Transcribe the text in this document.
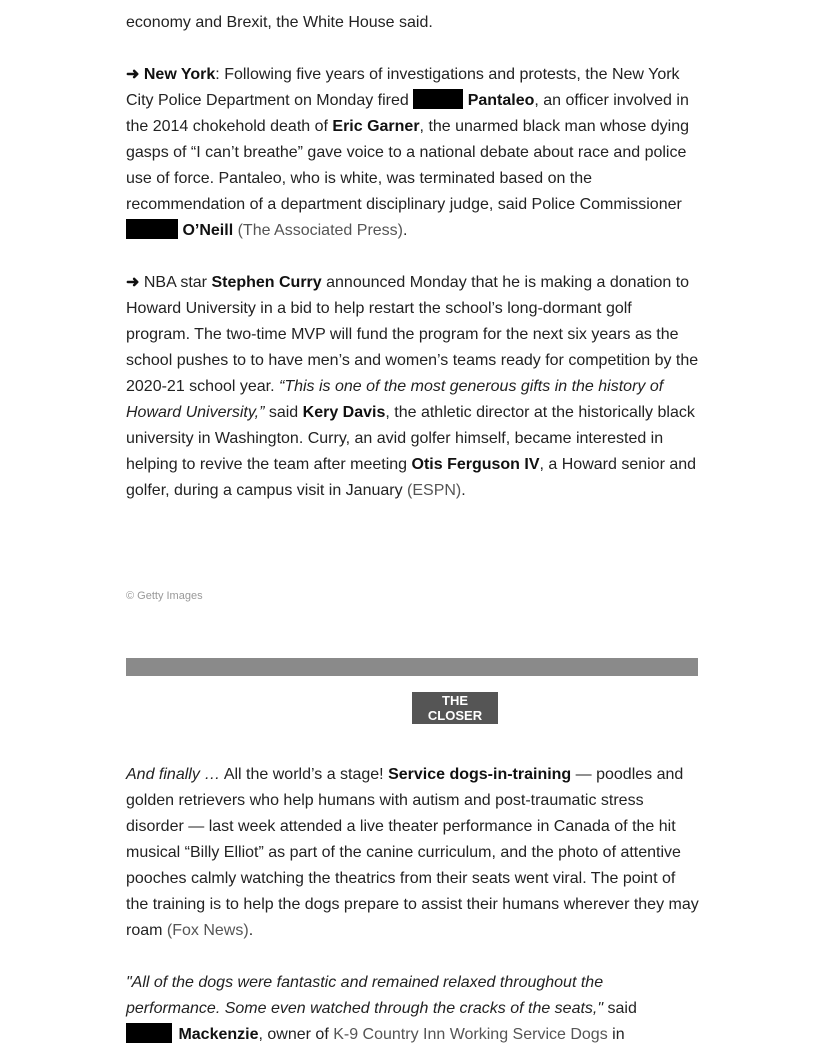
economy and Brexit, the White House said.

➜ New York: Following five years of investigations and protests, the New York City Police Department on Monday fired	Pantaleo, an officer involved in the 2014 chokehold death of Eric Garner, the unarmed black man whose dying gasps of “I can’t breathe” gave voice to a national debate about race and police use of force. Pantaleo, who is white, was terminated based on the recommendation of a department disciplinary judge, said Police Commissioner  O’Neill (The Associated Press).

➜ NBA star Stephen Curry announced Monday that he is making a donation to Howard University in a bid to help restart the school’s long-dormant golf program. The two-time MVP will fund the program for the next six years as the school pushes to to have men’s and women’s teams ready for competition by the 2020-21 school year. “This is one of the most generous gifts in the history of Howard University,” said Kery Davis, the athletic director at the historically black university in Washington. Curry, an avid golfer himself, became interested in helping to revive the team after meeting Otis Ferguson IV, a Howard senior and golfer, during a campus visit in January (ESPN).

© Getty Images
THE
CLOSER

And finally … All the world’s a stage! Service dogs-in-training — poodles and golden retrievers who help humans with autism and post-traumatic stress disorder — last week attended a live theater performance in Canada of the hit musical “Billy Elliot” as part of the canine curriculum, and the photo of attentive pooches calmly watching the theatrics from their seats went viral. The point of the training is to help the dogs prepare to assist their humans wherever they may roam (Fox News).

"All of the dogs were fantastic and remained relaxed throughout the performance. Some even watched through the cracks of the seats," said
Mackenzie, owner of K-9 Country Inn Working Service Dogs in
